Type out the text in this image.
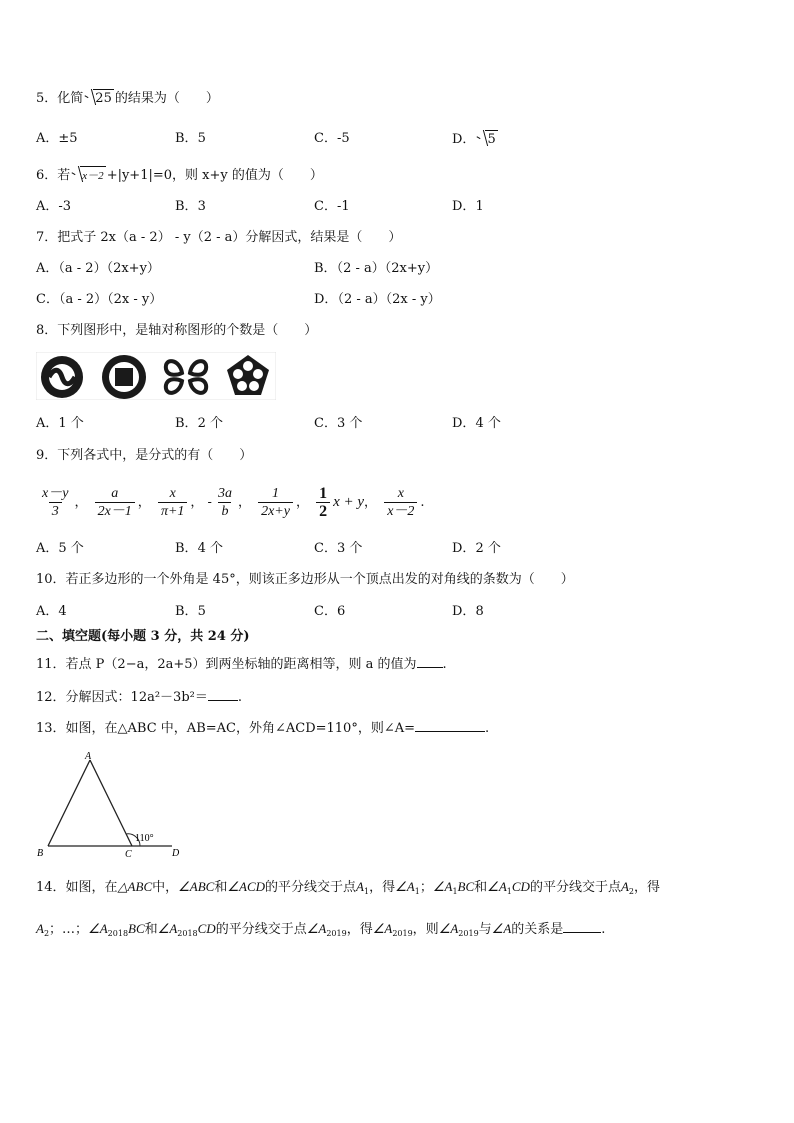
5．化简 25 的结果为（　　）
A．±5	B．5	C．-5	D． 5
6．若 x－2 +|y+1|=0，则 x+y 的值为（　　）
A．-3	B．3	C．-1	D．1
7．把式子 2x（a - 2） - y（2 - a）分解因式，结果是（　　）
A．（a - 2）（2x+y）	B．（2 - a）（2x+y）
C．（a - 2）（2x - y）	D．（2 - a）（2x - y）
8．下列图形中，是轴对称图形的个数是（　　）
A．1 个	B．2 个	C．3 个	D．4 个
9．下列各式中，是分式的有（　　）
$\frac{x-y}{3}$ ， $\frac{a}{2x-1}$ ， $\frac{x}{\pi+1}$ ， - $\frac{3a}{b}$ ， $\frac{1}{2x+y}$ ， $\frac{1}{2}$ x + y， $\frac{x}{x-2}$ .
A．5 个	B．4 个	C．3 个	D．2 个
10．若正多边形的一个外角是 45°，则该正多边形从一个顶点出发的对角线的条数为（　　）
A．4	B．5	C．6	D．8
二、填空题(每小题 3 分，共 24 分)
11．若点 P（2−a，2a+5）到两坐标轴的距离相等，则 a 的值为 .
12．分解因式：12a²－3b²＝ .
13．如图，在△ABC 中，AB=AC，外角∠ACD=110°，则∠A=	.
A
B	C	D
110°
14．如图，在△ABC中，∠ABC和∠ACD的平分线交于点$A_1$，得$\angle A_1$；$\angle A_1BC$和$\angle A_1CD$的平分线交于点$A_2$，得
$A_2$；…；$\angle A_{2018}BC$和$\angle A_{2018}CD$的平分线交于点$\angle A_{2019}$，得$\angle A_{2019}$，则$\angle A_{2019}$与∠A的关系是	.
